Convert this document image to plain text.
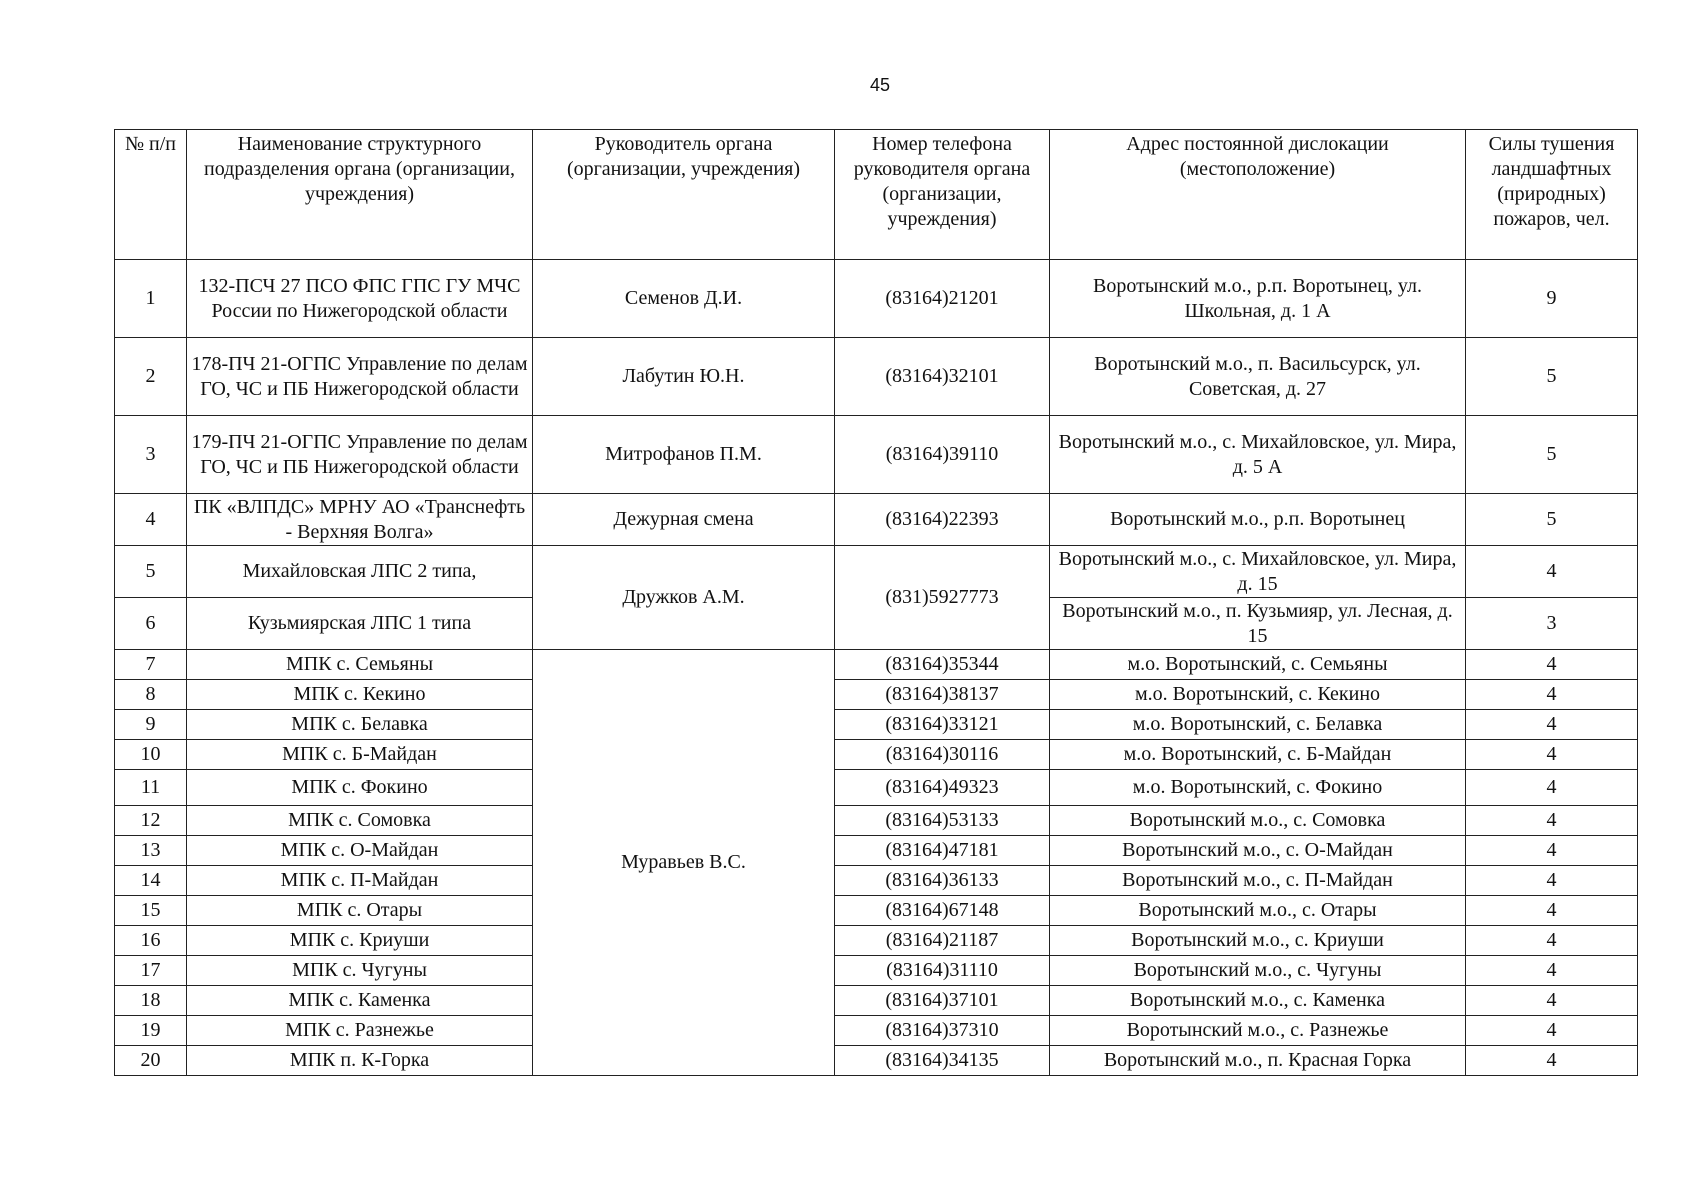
45
№ п/п	Наименование структурного подразделения органа (организации, учреждения)	Руководитель органа (организации, учреждения)	Номер телефона руководителя органа (организации, учреждения)	Адрес постоянной дислокации (местоположение)	Силы тушения ландшафтных (природных) пожаров, чел.
1	132-ПСЧ 27 ПСО ФПС ГПС ГУ МЧС России по Нижегородской области	Семенов Д.И.	(83164)21201	Воротынский м.о., р.п. Воротынец, ул. Школьная, д. 1 А	9
2	178-ПЧ 21-ОГПС Управление по делам ГО, ЧС и ПБ Нижегородской области	Лабутин Ю.Н.	(83164)32101	Воротынский м.о., п. Васильсурск, ул. Советская, д. 27	5
3	179-ПЧ 21-ОГПС Управление по делам ГО, ЧС и ПБ Нижегородской области	Митрофанов П.М.	(83164)39110	Воротынский м.о., с. Михайловское, ул. Мира, д. 5 А	5
4	ПК «ВЛПДС» МРНУ АО «Транснефть - Верхняя Волга»	Дежурная смена	(83164)22393	Воротынский м.о., р.п. Воротынец	5
5	Михайловская ЛПС 2 типа,	Дружков А.М.	(831)5927773	Воротынский м.о., с. Михайловское, ул. Мира, д. 15	4
6	Кузьмиярская ЛПС 1 типа			Воротынский м.о., п. Кузьмияр, ул. Лесная, д. 15	3
7	МПК с. Семьяны	Муравьев В.С.	(83164)35344	м.о. Воротынский, с. Семьяны	4
8	МПК с. Кекино		(83164)38137	м.о. Воротынский, с. Кекино	4
9	МПК с. Белавка		(83164)33121	м.о. Воротынский, с. Белавка	4
10	МПК с. Б-Майдан		(83164)30116	м.о. Воротынский, с. Б-Майдан	4
11	МПК с. Фокино		(83164)49323	м.о. Воротынский, с. Фокино	4
12	МПК с. Сомовка		(83164)53133	Воротынский м.о., с. Сомовка	4
13	МПК с. О-Майдан		(83164)47181	Воротынский м.о., с. О-Майдан	4
14	МПК с. П-Майдан		(83164)36133	Воротынский м.о., с. П-Майдан	4
15	МПК с. Отары		(83164)67148	Воротынский м.о., с. Отары	4
16	МПК с. Криуши		(83164)21187	Воротынский м.о., с. Криуши	4
17	МПК с. Чугуны		(83164)31110	Воротынский м.о., с. Чугуны	4
18	МПК с. Каменка		(83164)37101	Воротынский м.о., с. Каменка	4
19	МПК с. Разнежье		(83164)37310	Воротынский м.о., с. Разнежье	4
20	МПК п. К-Горка		(83164)34135	Воротынский м.о., п. Красная Горка	4
